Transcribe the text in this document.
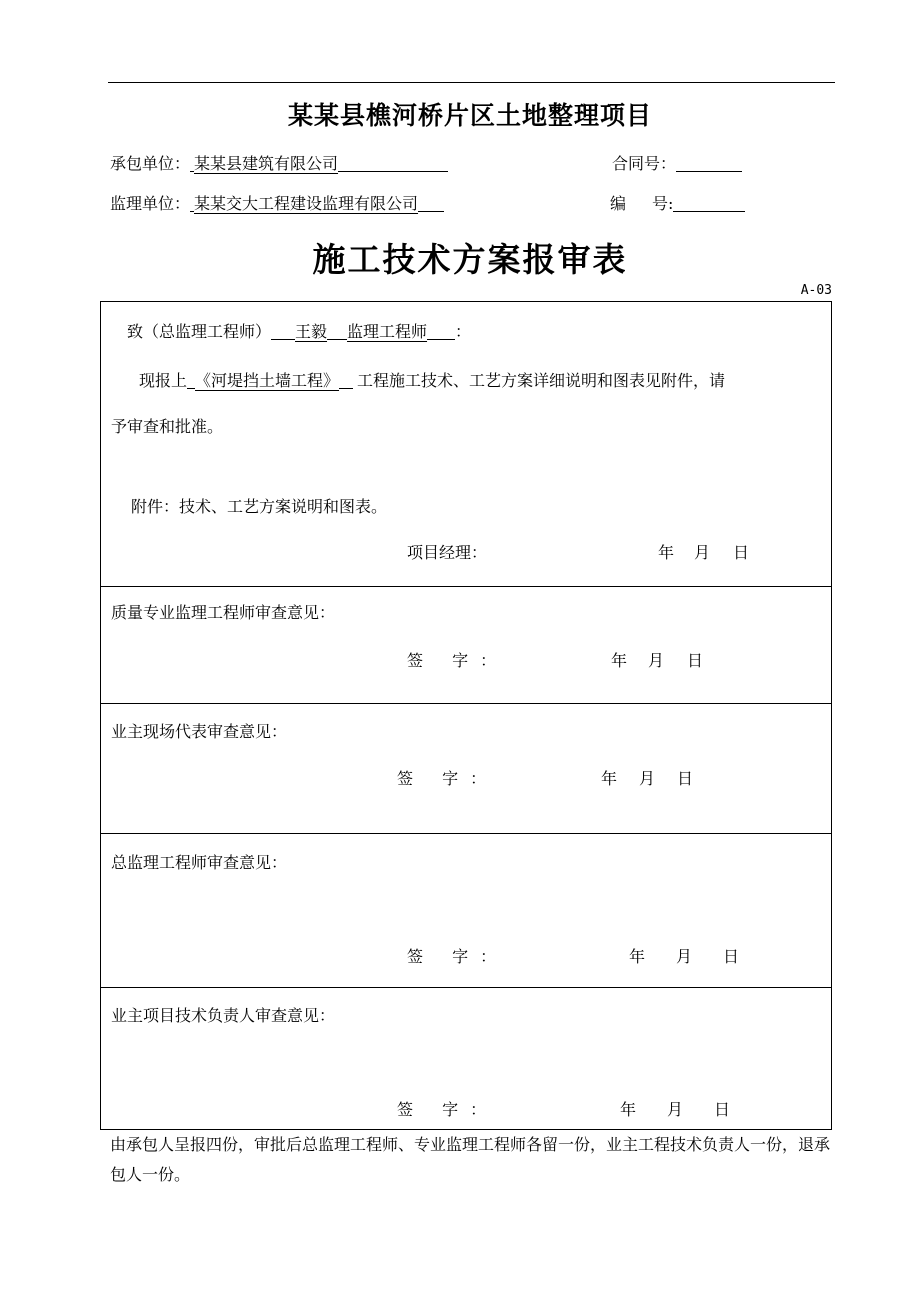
某某县樵河桥片区土地整理项目
承包单位： 某某县建筑有限公司	合同号：
监理单位： 某某交大工程建设监理有限公司	编 号:
施工技术方案报审表
A-03
致（总监理工程师） 王毅 监理工程师 ：
现报上 《河堤挡土墙工程》 工程施工技术、工艺方案详细说明和图表见附件，请
予审查和批准。
附件：技术、工艺方案说明和图表。
项目经理：	年 月 日
质量专业监理工程师审查意见：
签 字：	年 月 日
业主现场代表审查意见：
签 字：	年 月 日
总监理工程师审查意见：
签 字：	年 月 日
业主项目技术负责人审查意见：
签 字：	年 月 日
由承包人呈报四份，审批后总监理工程师、专业监理工程师各留一份，业主工程技术负责人一份，退承包人一份。
